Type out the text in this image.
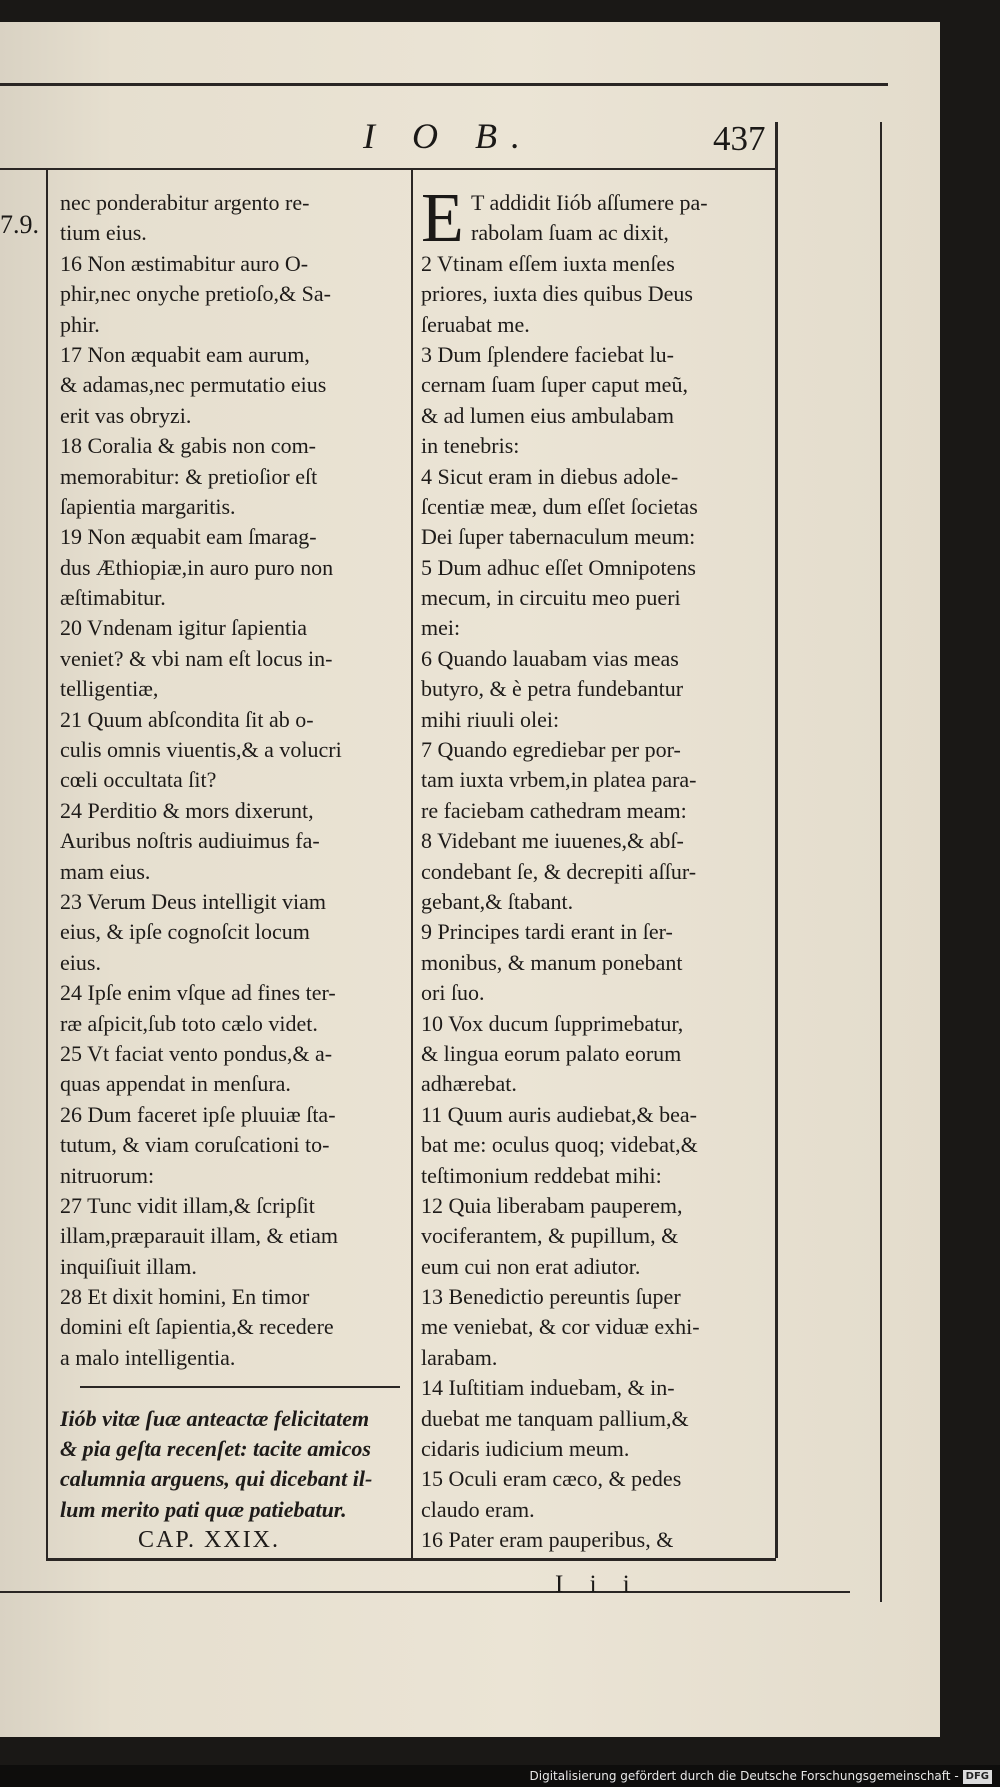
I O B.	437
7.9.
nec ponderabitur argento re-
tium eius.
16 Non æstimabitur auro O-
phir,nec onyche pretioſo,& Sa-
phir.
17 Non æquabit eam aurum,
& adamas,nec permutatio eius
erit vas obryzi.
18 Coralia & gabis non com-
memorabitur: & pretioſior eſt
ſapientia margaritis.
19 Non æquabit eam ſmarag-
dus Æthiopiæ,in auro puro non
æſtimabitur.
20 Vndenam igitur ſapientia
veniet? & vbi nam eſt locus in-
telligentiæ,
21 Quum abſcondita ſit ab o-
culis omnis viuentis,& a volucri
cœli occultata ſit?
24 Perditio & mors dixerunt,
Auribus noſtris audiuimus fa-
mam eius.
23 Verum Deus intelligit viam
eius, & ipſe cognoſcit locum
eius.
24 Ipſe enim vſque ad fines ter-
ræ aſpicit,ſub toto cælo videt.
25 Vt faciat vento pondus,& a-
quas appendat in menſura.
26 Dum faceret ipſe pluuiæ ſta-
tutum, & viam coruſcationi to-
nitruorum:
27 Tunc vidit illam,& ſcripſit
illam,præparauit illam, & etiam
inquiſiuit illam.
28 Et dixit homini, En timor
domini eſt ſapientia,& recedere
a malo intelligentia.
Iiób vitæ ſuæ anteactæ felicitatem
& pia geſta recenſet: tacite amicos
calumnia arguens, qui dicebant il-
lum merito pati quæ patiebatur.
CAP. XXIX.
E T addidit Iiób aſſumere pa-
rabolam ſuam ac dixit,
2 Vtinam eſſem iuxta menſes
priores, iuxta dies quibus Deus
ſeruabat me.
3 Dum ſplendere faciebat lu-
cernam ſuam ſuper caput meũ,
& ad lumen eius ambulabam
in tenebris:
4 Sicut eram in diebus adole-
ſcentiæ meæ, dum eſſet ſocietas
Dei ſuper tabernaculum meum:
5 Dum adhuc eſſet Omnipotens
mecum, in circuitu meo pueri
mei:
6 Quando lauabam vias meas
butyro, & è petra fundebantur
mihi riuuli olei:
7 Quando egrediebar per por-
tam iuxta vrbem,in platea para-
re faciebam cathedram meam:
8 Videbant me iuuenes,& abſ-
condebant ſe, & decrepiti aſſur-
gebant,& ſtabant.
9 Principes tardi erant in ſer-
monibus, & manum ponebant
ori ſuo.
10 Vox ducum ſupprimebatur,
& lingua eorum palato eorum
adhærebat.
11 Quum auris audiebat,& bea-
bat me: oculus quoq; videbat,&
teſtimonium reddebat mihi:
12 Quia liberabam pauperem,
vociferantem, & pupillum, &
eum cui non erat adiutor.
13 Benedictio pereuntis ſuper
me veniebat, & cor viduæ exhi-
larabam.
14 Iuſtitiam induebam, & in-
duebat me tanquam pallium,&
cidaris iudicium meum.
15 Oculi eram cæco, & pedes
claudo eram.
16 Pater eram pauperibus, &
I i i
Digitalisierung gefördert durch die Deutsche Forschungsgemeinschaft - DFG
